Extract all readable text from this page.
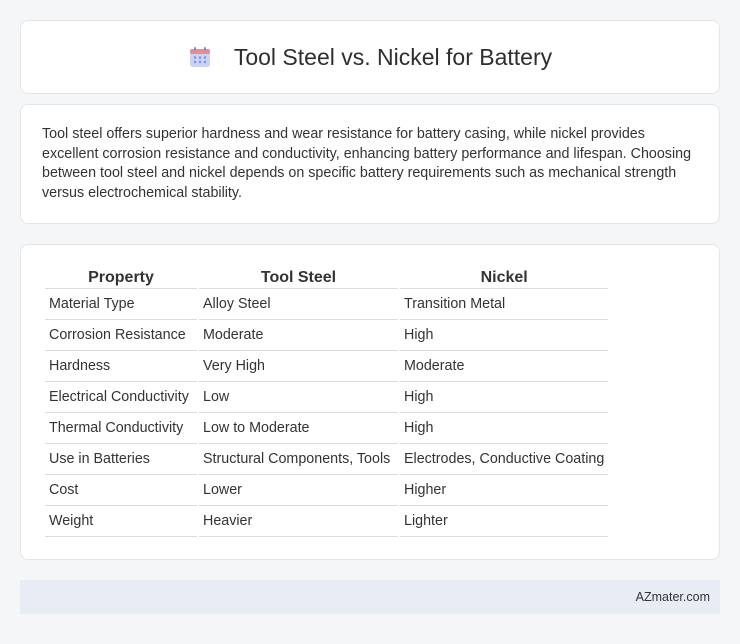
Tool Steel vs. Nickel for Battery

Tool steel offers superior hardness and wear resistance for battery casing, while nickel provides excellent corrosion resistance and conductivity, enhancing battery performance and lifespan. Choosing between tool steel and nickel depends on specific battery requirements such as mechanical strength versus electrochemical stability.

Property	Tool Steel	Nickel
Material Type	Alloy Steel	Transition Metal
Corrosion Resistance	Moderate	High
Hardness	Very High	Moderate
Electrical Conductivity	Low	High
Thermal Conductivity	Low to Moderate	High
Use in Batteries	Structural Components, Tools	Electrodes, Conductive Coating
Cost	Lower	Higher
Weight	Heavier	Lighter
AZmater.com
